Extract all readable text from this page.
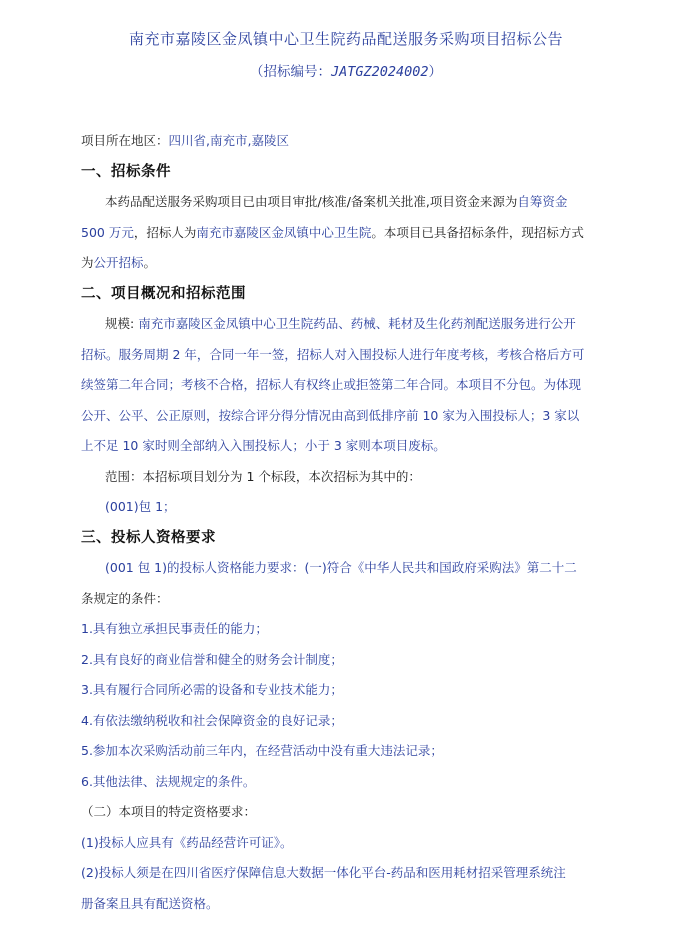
南充市嘉陵区金凤镇中心卫生院药品配送服务采购项目招标公告

（招标编号：JATGZ2024002）

项目所在地区：四川省,南充市,嘉陵区

一、招标条件

本药品配送服务采购项目已由项目审批/核准/备案机关批准,项目资金来源为自筹资金

500 万元，招标人为南充市嘉陵区金凤镇中心卫生院。本项目已具备招标条件，现招标方式

为公开招标。

二、项目概况和招标范围

规模: 南充市嘉陵区金凤镇中心卫生院药品、药械、耗材及生化药剂配送服务进行公开

招标。服务周期 2 年，合同一年一签，招标人对入围投标人进行年度考核，考核合格后方可

续签第二年合同；考核不合格，招标人有权终止或拒签第二年合同。本项目不分包。为体现

公开、公平、公正原则，按综合评分得分情况由高到低排序前 10 家为入围投标人；3 家以

上不足 10 家时则全部纳入入围投标人；小于 3 家则本项目废标。

范围：本招标项目划分为 1 个标段，本次招标为其中的：

(001)包 1；

三、投标人资格要求

(001 包 1)的投标人资格能力要求：(一)符合《中华人民共和国政府采购法》第二十二

条规定的条件：

1.具有独立承担民事责任的能力；

2.具有良好的商业信誉和健全的财务会计制度；

3.具有履行合同所必需的设备和专业技术能力；

4.有依法缴纳税收和社会保障资金的良好记录；

5.参加本次采购活动前三年内，在经营活动中没有重大违法记录；

6.其他法律、法规规定的条件。

（二）本项目的特定资格要求：

(1)投标人应具有《药品经营许可证》。

(2)投标人须是在四川省医疗保障信息大数据一体化平台-药品和医用耗材招采管理系统注

册备案且具有配送资格。
